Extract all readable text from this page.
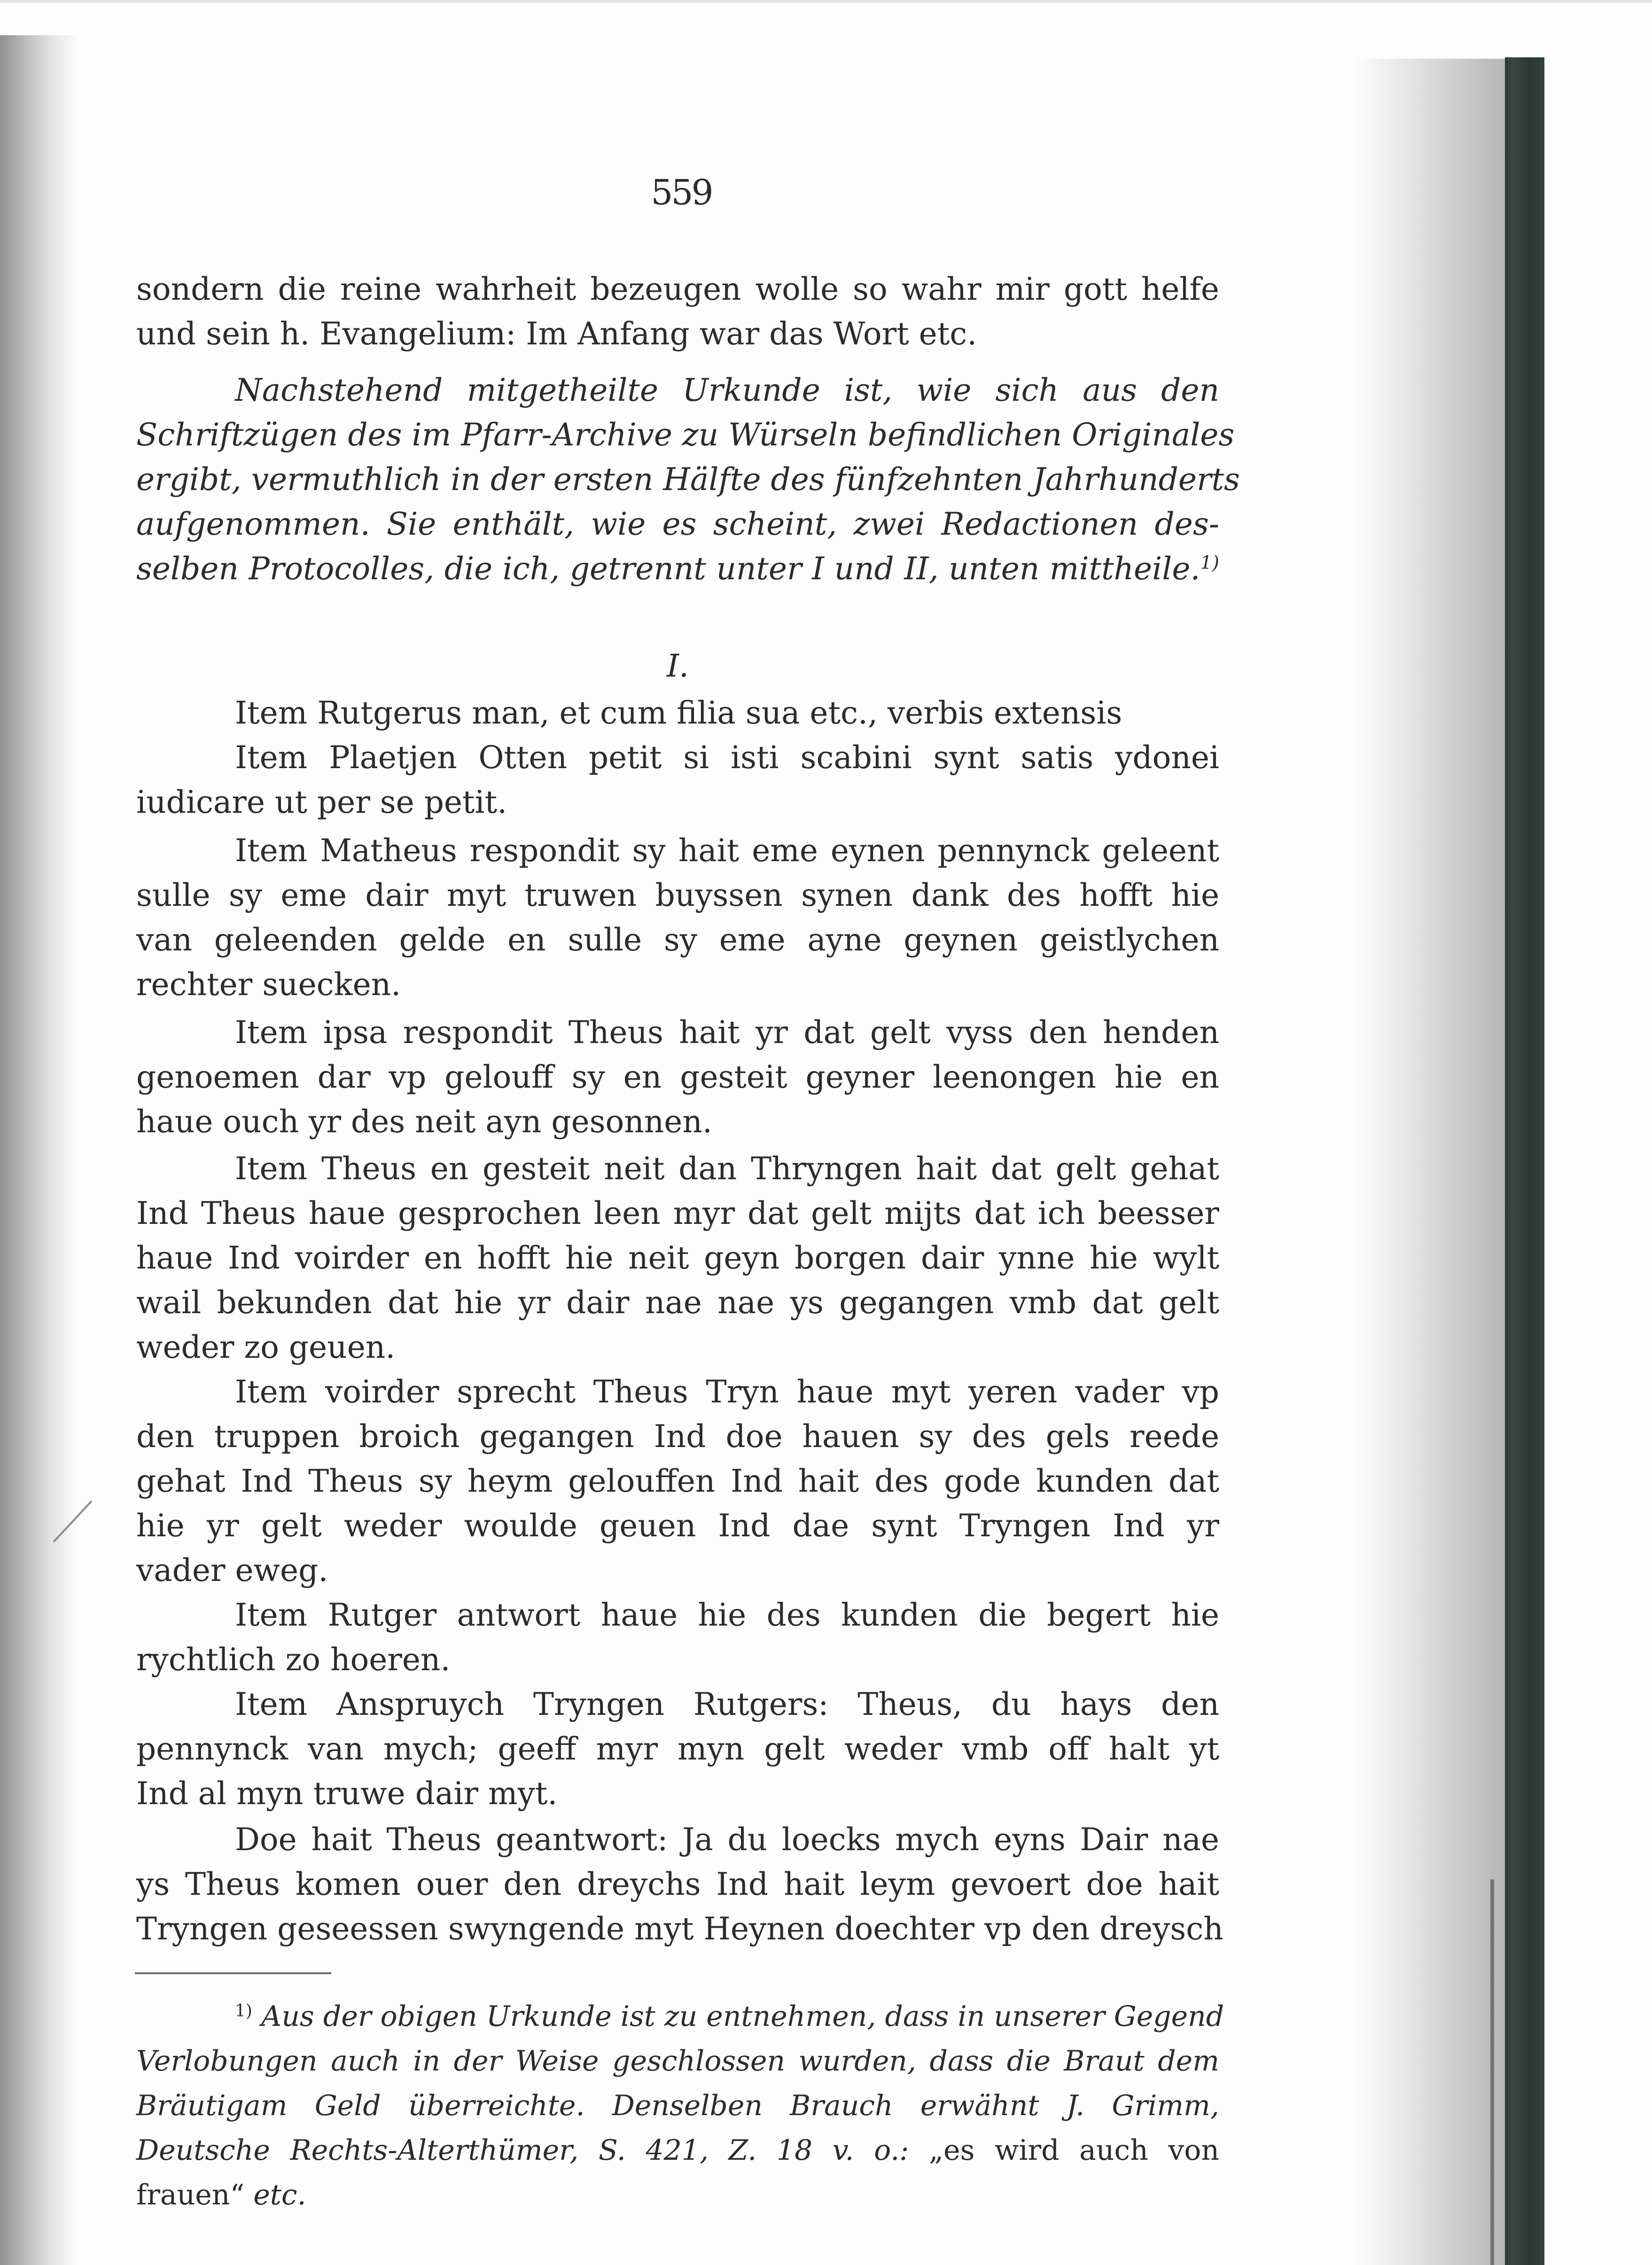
559
sondern die reine wahrheit bezeugen wolle so wahr mir gott helfe
und sein h. Evangelium: Im Anfang war das Wort etc.
Nachstehend mitgetheilte Urkunde ist, wie sich aus den
Schriftzügen des im Pfarr-Archive zu Würseln befindlichen Originales
ergibt, vermuthlich in der ersten Hälfte des fünfzehnten Jahrhunderts
aufgenommen. Sie enthält, wie es scheint, zwei Redactionen des-
selben Protocolles, die ich, getrennt unter I und II, unten mittheile.$^{1)}$
I.
Item Rutgerus man, et cum filia sua etc., verbis extensis
Item Plaetjen Otten petit si isti scabini synt satis ydonei
iudicare ut per se petit.
Item Matheus respondit sy hait eme eynen pennynck geleent
sulle sy eme dair myt truwen buyssen synen dank des hofft hie
van geleenden gelde en sulle sy eme ayne geynen geistlychen
rechter suecken.
Item ipsa respondit Theus hait yr dat gelt vyss den henden
genoemen dar vp gelouff sy en gesteit geyner leenongen hie en
haue ouch yr des neit ayn gesonnen.
Item Theus en gesteit neit dan Thryngen hait dat gelt gehat
Ind Theus haue gesprochen leen myr dat gelt mijts dat ich beesser
haue Ind voirder en hofft hie neit geyn borgen dair ynne hie wylt
wail bekunden dat hie yr dair nae nae ys gegangen vmb dat gelt
weder zo geuen.
Item voirder sprecht Theus Tryn haue myt yeren vader vp
den truppen broich gegangen Ind doe hauen sy des gels reede
gehat Ind Theus sy heym gelouffen Ind hait des gode kunden dat
hie yr gelt weder woulde geuen Ind dae synt Tryngen Ind yr
vader eweg.
Item Rutger antwort haue hie des kunden die begert hie
rychtlich zo hoeren.
Item Anspruych Tryngen Rutgers: Theus, du hays den
pennynck van mych; geeff myr myn gelt weder vmb off halt yt
Ind al myn truwe dair myt.
Doe hait Theus geantwort: Ja du loecks mych eyns Dair nae
ys Theus komen ouer den dreychs Ind hait leym gevoert doe hait
Tryngen geseessen swyngende myt Heynen doechter vp den dreysch
$^{1)}$ Aus der obigen Urkunde ist zu entnehmen, dass in unserer Gegend
Verlobungen auch in der Weise geschlossen wurden, dass die Braut dem
Bräutigam Geld überreichte. Denselben Brauch erwähnt J. Grimm,
Deutsche Rechts-Alterthümer, S. 421, Z. 18 v. o.: „es wird auch von
frauen“ etc.
